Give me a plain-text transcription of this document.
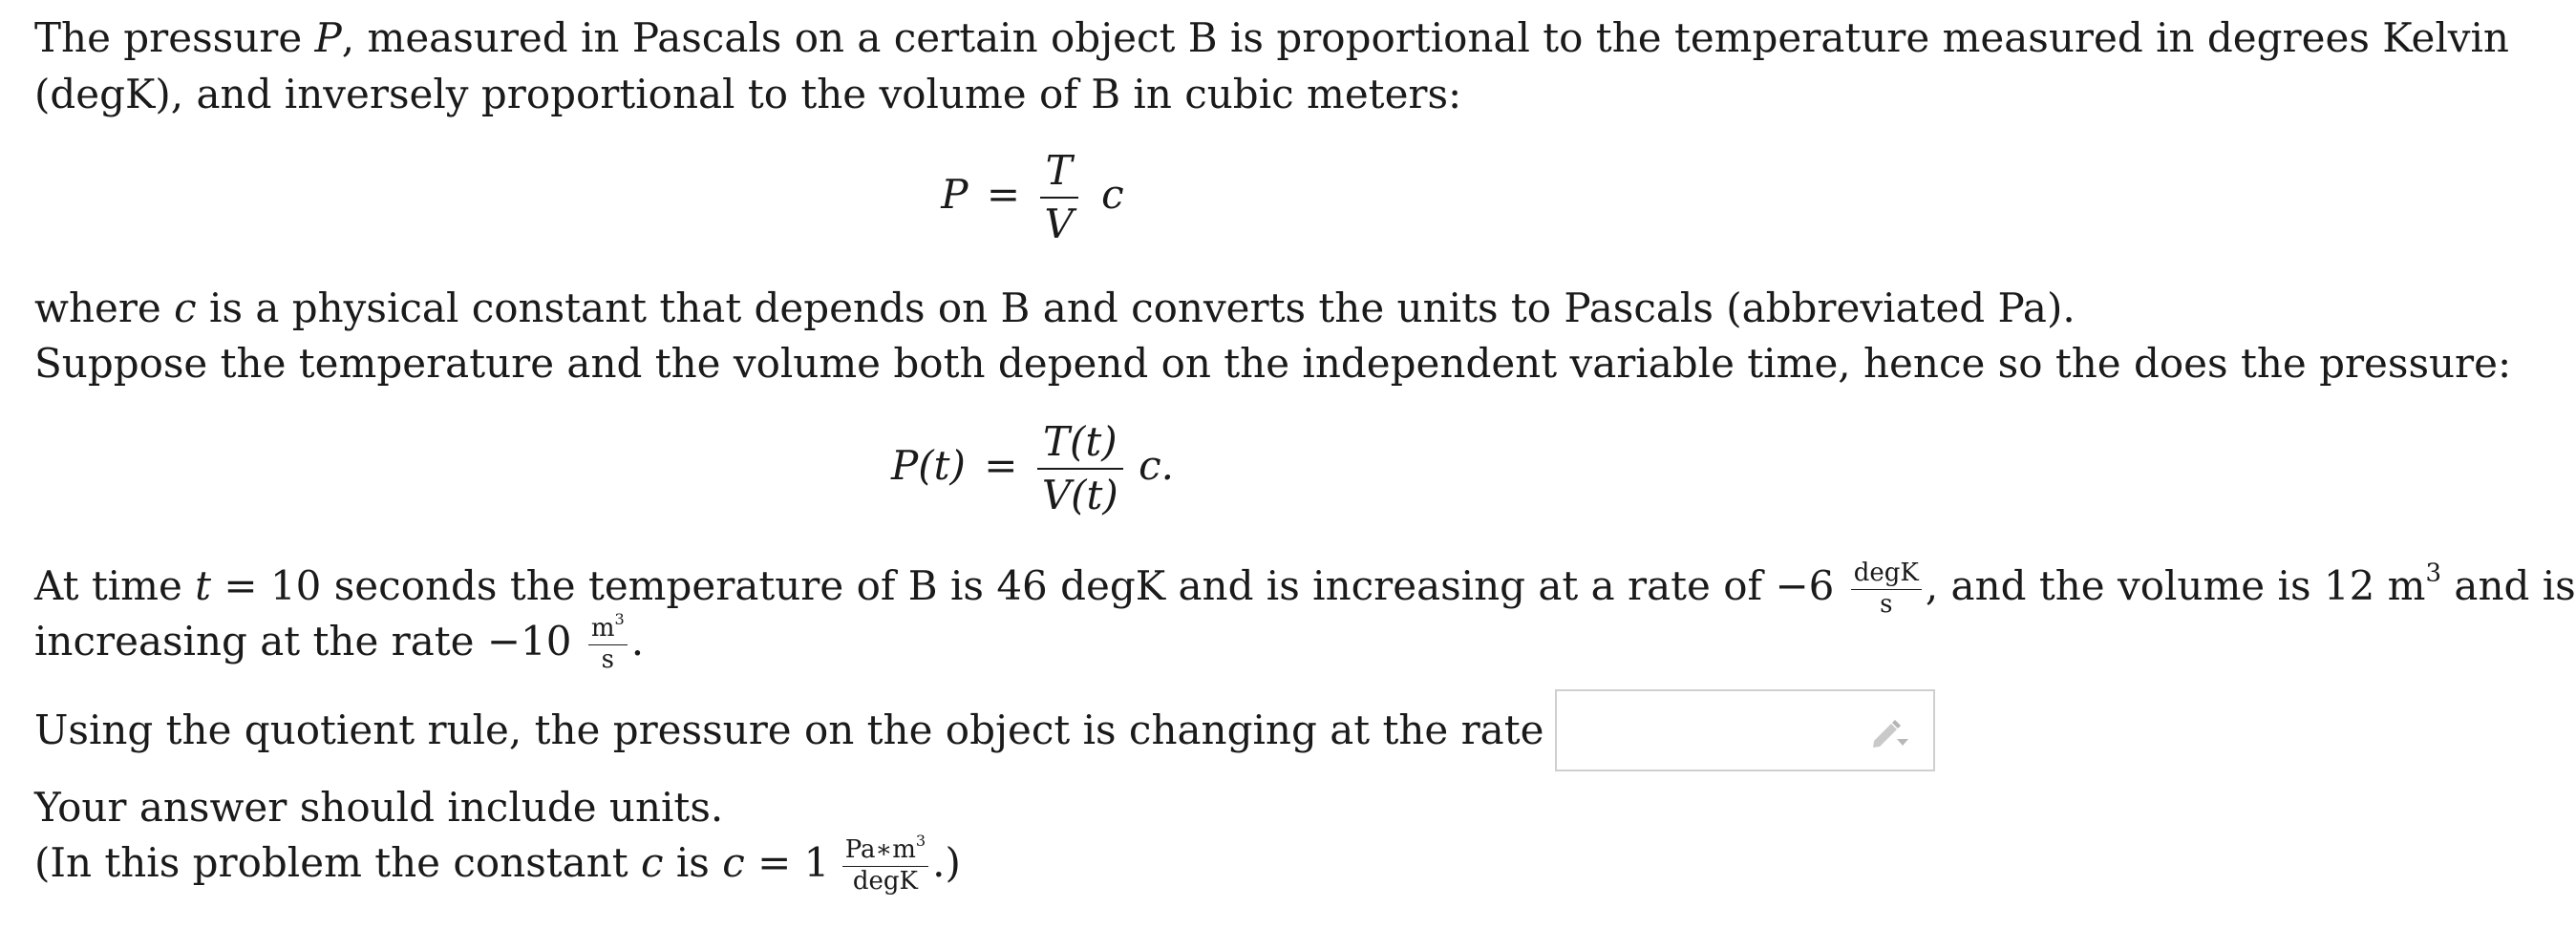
The pressure P, measured in Pascals on a certain object B is proportional to the temperature measured in degrees Kelvin

(degK), and inversely proportional to the volume of B in cubic meters:

$P = \frac{T}{V}$ c

where c is a physical constant that depends on B and converts the units to Pascals (abbreviated Pa).

Suppose the temperature and the volume both depend on the independent variable time, hence so the does the pressure:

$P(t) = \frac{T(t)}{V(t)} c$.

At time t = 10 seconds the temperature of B is 46 degK and is increasing at a rate of $-6 \frac{\text{degK}}{s}$ , and the volume is 12 $m^3$ and is

increasing at the rate $-10 \frac{m^3}{s}$ .

Using the quotient rule, the pressure on the object is changing at the rate

Your answer should include units.

(In this problem the constant c is $c = 1 \frac{Pa∗m^3}{\text{degK}}$ .)
